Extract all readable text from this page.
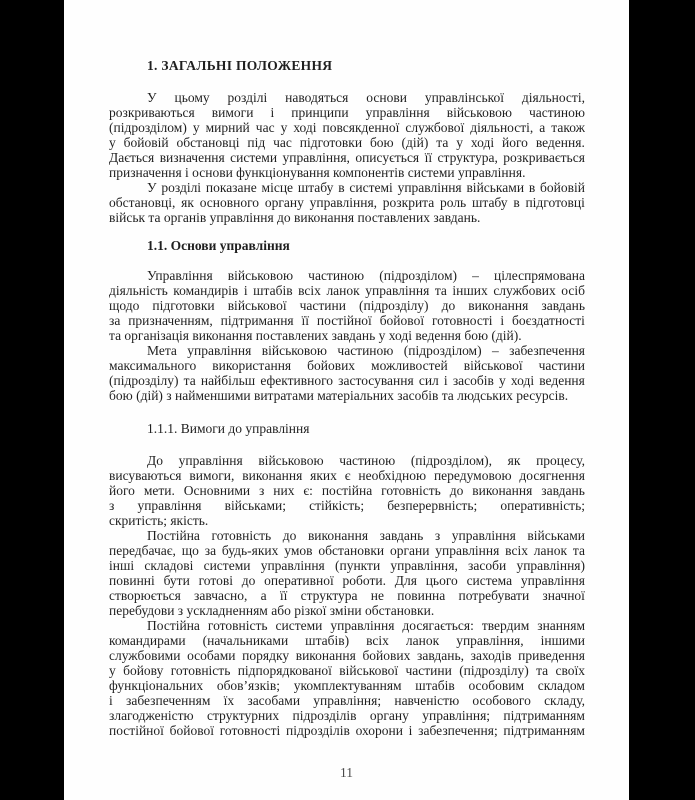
1. ЗАГАЛЬНІ ПОЛОЖЕННЯ
У цьому розділі наводяться основи управлінської діяльності,
розкриваються вимоги і принципи управління військовою частиною
(підрозділом) у мирний час у ході повсякденної службової діяльності, а також
у бойовій обстановці під час підготовки бою (дій) та у ході його ведення.
Дається визначення системи управління, описується її структура, розкривається
призначення і основи функціонування компонентів системи управління.
У розділі показане місце штабу в системі управління військами в бойовій
обстановці, як основного органу управління, розкрита роль штабу в підготовці
військ та органів управління до виконання поставлених завдань.
1.1. Основи управління
Управління військовою частиною (підрозділом) – цілеспрямована
діяльність командирів і штабів всіх ланок управління та інших службових осіб
щодо підготовки військової частини (підрозділу) до виконання завдань
за призначенням, підтримання її постійної бойової готовності і боєздатності
та організація виконання поставлених завдань у ході ведення бою (дій).
Мета управління військовою частиною (підрозділом) – забезпечення
максимального використання бойових можливостей військової частини
(підрозділу) та найбільш ефективного застосування сил і засобів у ході ведення
бою (дій) з найменшими витратами матеріальних засобів та людських ресурсів.
1.1.1. Вимоги до управління
До управління військовою частиною (підрозділом), як процесу,
висуваються вимоги, виконання яких є необхідною передумовою досягнення
його мети. Основними з них є: постійна готовність до виконання завдань
з управління військами; стійкість; безперервність; оперативність;
скритість; якість.
Постійна готовність до виконання завдань з управління військами
передбачає, що за будь-яких умов обстановки органи управління всіх ланок та
інші складові системи управління (пункти управління, засоби управління)
повинні бути готові до оперативної роботи. Для цього система управління
створюється завчасно, а її структура не повинна потребувати значної
перебудови з ускладненням або різкої зміни обстановки.
Постійна готовність системи управління досягається: твердим знанням
командирами (начальниками штабів) всіх ланок управління, іншими
службовими особами порядку виконання бойових завдань, заходів приведення
у бойову готовність підпорядкованої військової частини (підрозділу) та своїх
функціональних обов’язків; укомплектуванням штабів особовим складом
і забезпеченням їх засобами управління; навченістю особового складу,
злагодженістю структурних підрозділів органу управління; підтриманням
постійної бойової готовності підрозділів охорони і забезпечення; підтриманням
11
